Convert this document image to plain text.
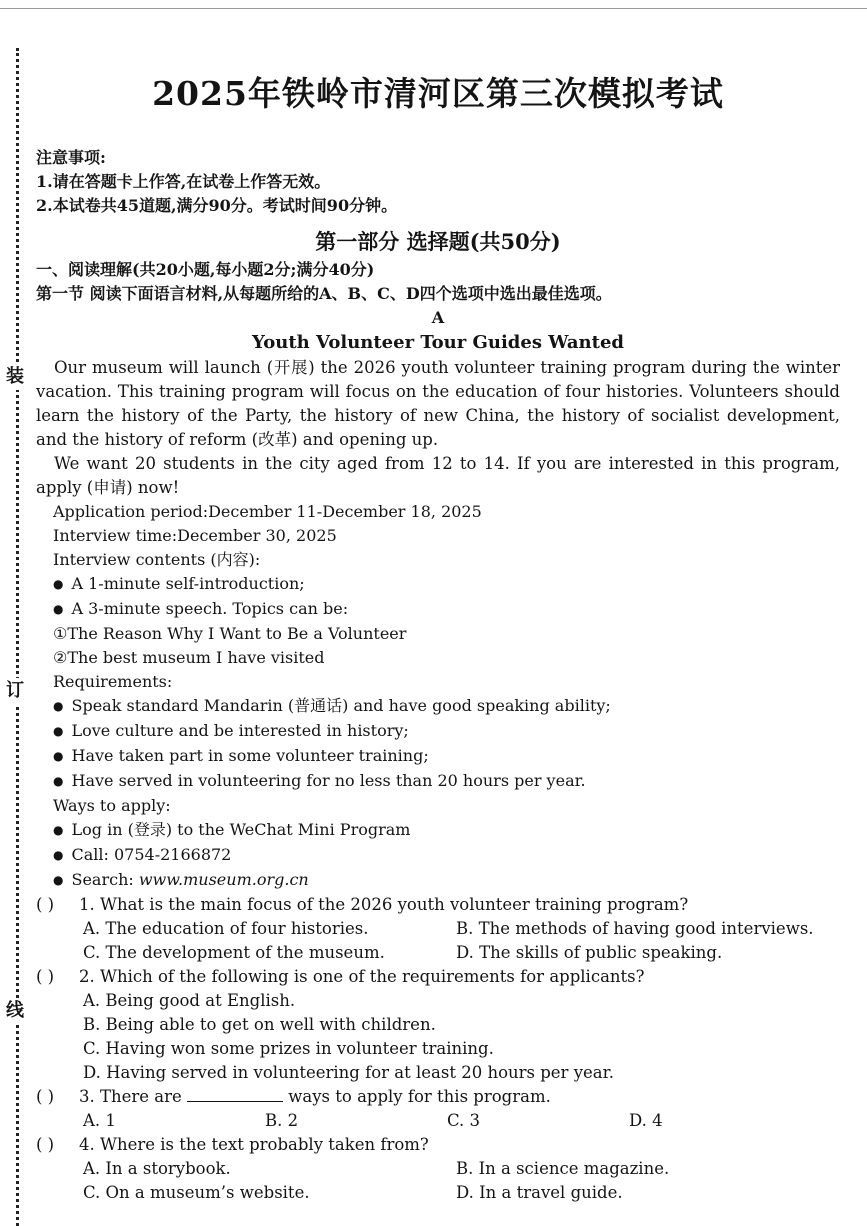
装
订
线
2025年铁岭市清河区第三次模拟考试
注意事项:
1.请在答题卡上作答,在试卷上作答无效。
2.本试卷共45道题,满分90分。考试时间90分钟。
第一部分 选择题(共50分)
一、阅读理解(共20小题,每小题2分;满分40分)
第一节 阅读下面语言材料,从每题所给的A、B、C、D四个选项中选出最佳选项。
A
Youth Volunteer Tour Guides Wanted
Our museum will launch (开展) the 2026 youth volunteer training program during the winter vacation. This training program will focus on the education of four histories. Volunteers should learn the history of the Party, the history of new China, the history of socialist development, and the history of reform (改革) and opening up.
We want 20 students in the city aged from 12 to 14. If you are interested in this program, apply (申请) now!
Application period:December 11-December 18, 2025
Interview time:December 30, 2025
Interview contents (内容):
● A 1-minute self-introduction;
● A 3-minute speech. Topics can be:
①The Reason Why I Want to Be a Volunteer
②The best museum I have visited
Requirements:
● Speak standard Mandarin (普通话) and have good speaking ability;
● Love culture and be interested in history;
● Have taken part in some volunteer training;
● Have served in volunteering for no less than 20 hours per year.
Ways to apply:
● Log in (登录) to the WeChat Mini Program
● Call: 0754-2166872
● Search: www.museum.org.cn
( ) 1. What is the main focus of the 2026 youth volunteer training program?
A. The education of four histories.	B. The methods of having good interviews.
C. The development of the museum.	D. The skills of public speaking.
( ) 2. Which of the following is one of the requirements for applicants?
A. Being good at English.
B. Being able to get on well with children.
C. Having won some prizes in volunteer training.
D. Having served in volunteering for at least 20 hours per year.
( ) 3. There are	ways to apply for this program.
A. 1	B. 2	C. 3	D. 4
( ) 4. Where is the text probably taken from?
A. In a storybook.	B. In a science magazine.
C. On a museum’s website.	D. In a travel guide.
